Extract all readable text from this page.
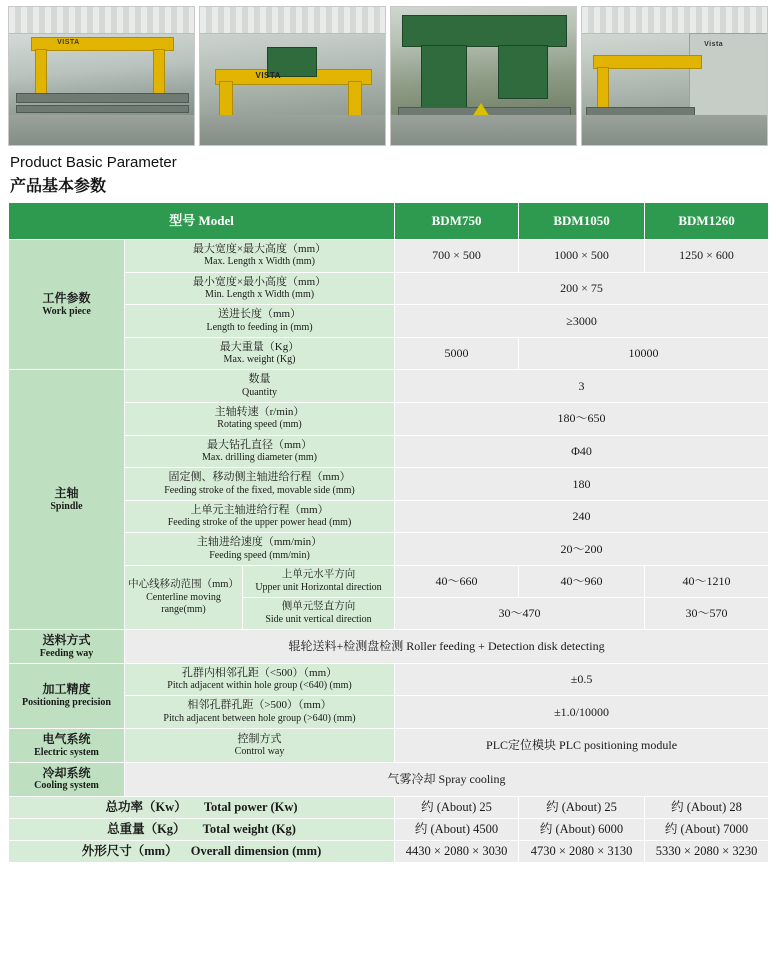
VISTA
VISTA
Vista
Product Basic Parameter
产品基本参数
型号 Model			BDM750	BDM1050	BDM1260

工件参数
Work piece	最大宽度×最大高度（mm）
Max. Length x Width (mm)		700 × 500	1000 × 500	1250 × 600

	最小宽度×最小高度（mm）
Min. Length x Width (mm)		200 × 75		

	送进长度（mm）
Length to feeding in (mm)		≥3000		

	最大重量（Kg）
Max. weight (Kg)		5000	10000	

主轴
Spindle	数量
Quantity		3		

	主轴转速（r/min）
Rotating speed (mm)		180～650		

	最大钻孔直径（mm）
Max. drilling diameter (mm)		Φ40		

	固定侧、移动侧主轴进给行程（mm）
Feeding stroke of the fixed, movable side (mm)		180		

	上单元主轴进给行程（mm）
Feeding stroke of the upper power head (mm)		240		

	主轴进给速度（mm/min）
Feeding speed (mm/min)		20～200		

	中心线移动范围（mm）
Centerline moving range(mm)	上单元水平方向
Upper unit Horizontal direction	40～660	40～960	40～1210

		侧单元竖直方向
Side unit vertical direction	30～470		30～570

送料方式
Feeding way	辊轮送料+检测盘检测 Roller feeding + Detection disk detecting				

加工精度
Positioning precision	孔群内相邻孔距（<500）（mm）
Pitch adjacent within hole group (<640) (mm)		±0.5		

	相邻孔群孔距（>500）（mm）
Pitch adjacent between hole group (>640) (mm)		±1.0/10000		

电气系统
Electric system	控制方式
Control way		PLC定位模块 PLC positioning module		

冷却系统
Cooling system	气雾冷却 Spray cooling				
总功率（Kw） Total power (Kw)			约 (About) 25	约 (About) 25	约 (About) 28
总重量（Kg） Total weight (Kg)			约 (About) 4500	约 (About) 6000	约 (About) 7000
外形尺寸（mm） Overall dimension (mm)			4430 × 2080 × 3030	4730 × 2080 × 3130	5330 × 2080 × 3230
